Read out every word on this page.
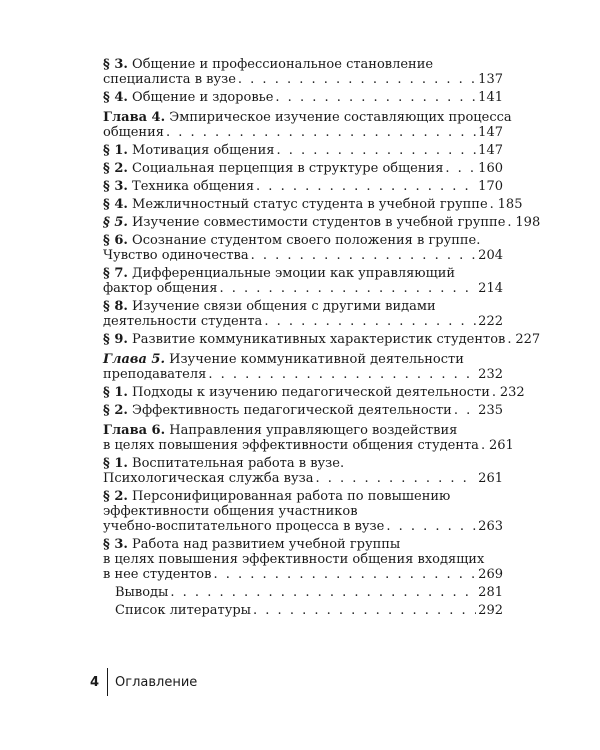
§ 3. Общение и профессиональное становление
специалиста в вузе . . .	137
§ 4. Общение и здоровье . . .	141
Глава 4. Эмпирическое изучение составляющих процесса
общения . . .	147
§ 1. Мотивация общения . . .	147
§ 2. Социальная перцепция в структуре общения . . .	160
§ 3. Техника общения . . .	170
§ 4. Межличностный статус студента в учебной группе . . . 185
§ 5. Изучение совместимости студентов в учебной группе . . . 198
§ 6. Осознание студентом своего положения в группе.
Чувство одиночества . . .	204
§ 7. Дифференциальные эмоции как управляющий
фактор общения . . .	214
§ 8. Изучение связи общения с другими видами
деятельности студента . . .	222
§ 9. Развитие коммуникативных характеристик студентов . . . 227
Глава 5. Изучение коммуникативной деятельности
преподавателя . . .	232
§ 1. Подходы к изучению педагогической деятельности . . . 232
§ 2. Эффективность педагогической деятельности . . . 235
Глава 6. Направления управляющего воздействия
в целях повышения эффективности общения студента . . . 261
§ 1. Воспитательная работа в вузе.
Психологическая служба вуза . . .	261
§ 2. Персонифицированная работа по повышению
эффективности общения участников
учебно-воспитательного процесса в вузе . . .	263
§ 3. Работа над развитием учебной группы
в целях повышения эффективности общения входящих
в нее студентов . . .	269
Выводы . . .	281
Список литературы . . .	292
4 Оглавление
